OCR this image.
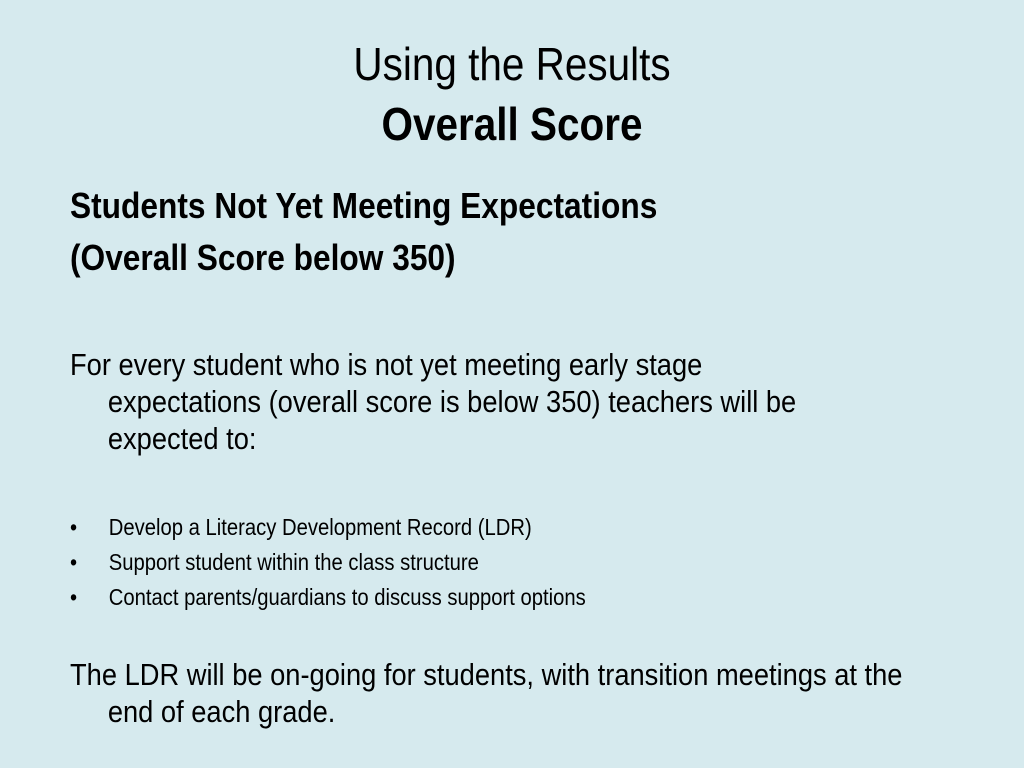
Using the Results
Overall Score
Students Not Yet Meeting Expectations
(Overall Score below 350)
For every student who is not yet meeting early stage
expectations (overall score is below 350) teachers will be
expected to:
•	Develop a Literacy Development Record (LDR)
•	Support student within the class structure
•	Contact parents/guardians to discuss support options
The LDR will be on-going for students, with transition meetings at the
end of each grade.
